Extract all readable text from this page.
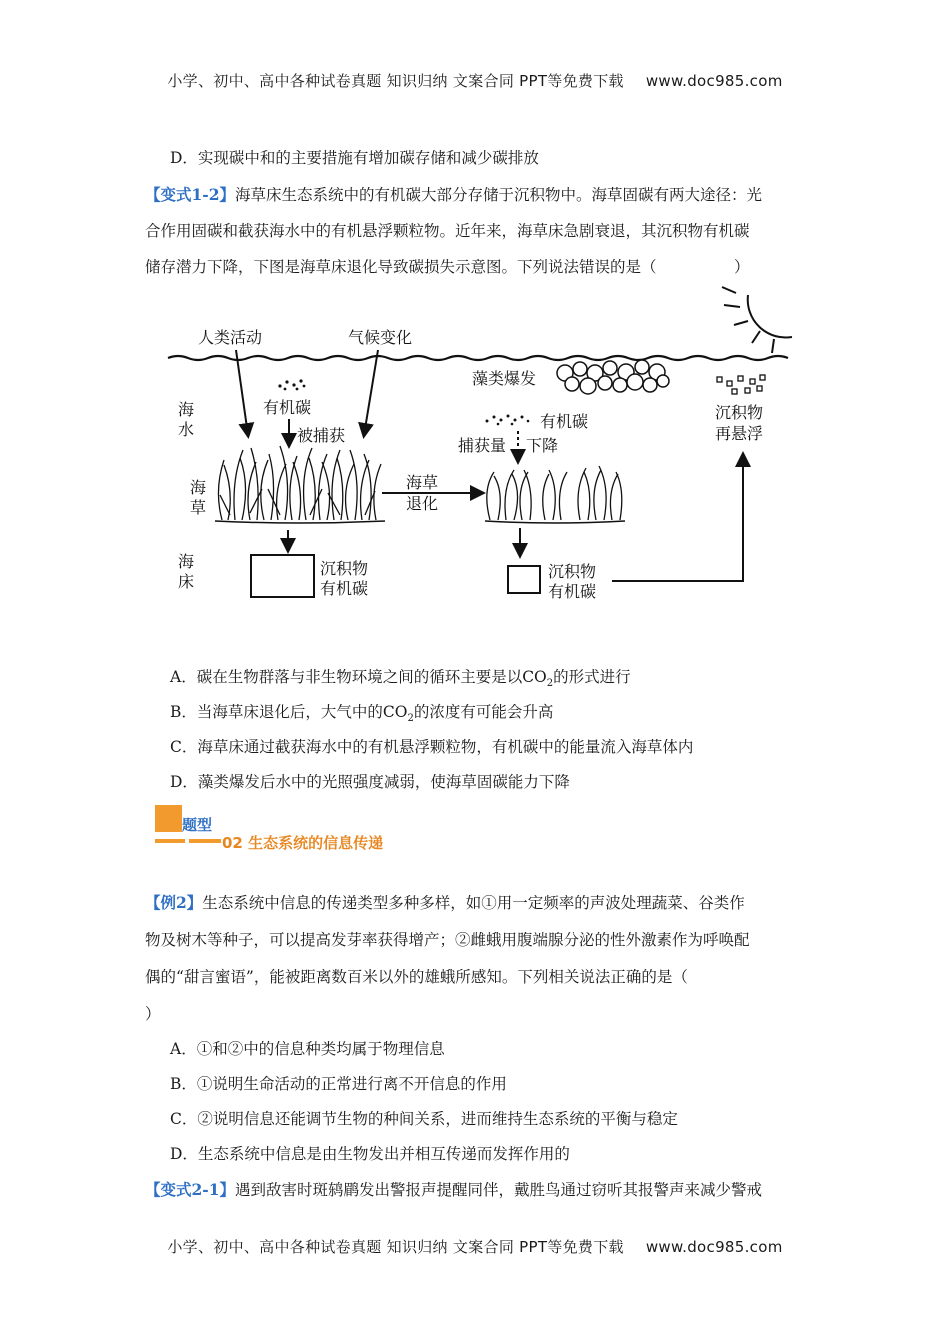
小学、初中、高中各种试卷真题 知识归纳 文案合同 PPT等免费下载 www.doc985.com
D．实现碳中和的主要措施有增加碳存储和减少碳排放
【变式1-2】海草床生态系统中的有机碳大部分存储于沉积物中。海草固碳有两大途径：光
合作用固碳和截获海水中的有机悬浮颗粒物。近年来，海草床急剧衰退，其沉积物有机碳
储存潜力下降，下图是海草床退化导致碳损失示意图。下列说法错误的是（　　　　　）
人类活动	气候变化
藻类爆发
海
水
海
草
海
床
有机碳
被捕获
沉积物
有机碳
海草
退化
有机碳
捕获量 下降
沉积物
有机碳
沉积物
再悬浮
A．碳在生物群落与非生物环境之间的循环主要是以$CO_2$的形式进行
B．当海草床退化后，大气中的$CO_2$的浓度有可能会升高
C．海草床通过截获海水中的有机悬浮颗粒物，有机碳中的能量流入海草体内
D．藻类爆发后水中的光照强度减弱，使海草固碳能力下降
题型
02 生态系统的信息传递
【例2】生态系统中信息的传递类型多种多样，如①用一定频率的声波处理蔬菜、谷类作
物及树木等种子，可以提高发芽率获得增产；②雌蛾用腹端腺分泌的性外激素作为呼唤配
偶的“甜言蜜语”，能被距离数百米以外的雄蛾所感知。下列相关说法正确的是（
）
A．①和②中的信息种类均属于物理信息
B．①说明生命活动的正常进行离不开信息的作用
C．②说明信息还能调节生物的种间关系，进而维持生态系统的平衡与稳定
D．生态系统中信息是由生物发出并相互传递而发挥作用的
【变式2-1】遇到敌害时斑鸫鹛发出警报声提醒同伴，戴胜鸟通过窃听其报警声来减少警戒
小学、初中、高中各种试卷真题 知识归纳 文案合同 PPT等免费下载 www.doc985.com
